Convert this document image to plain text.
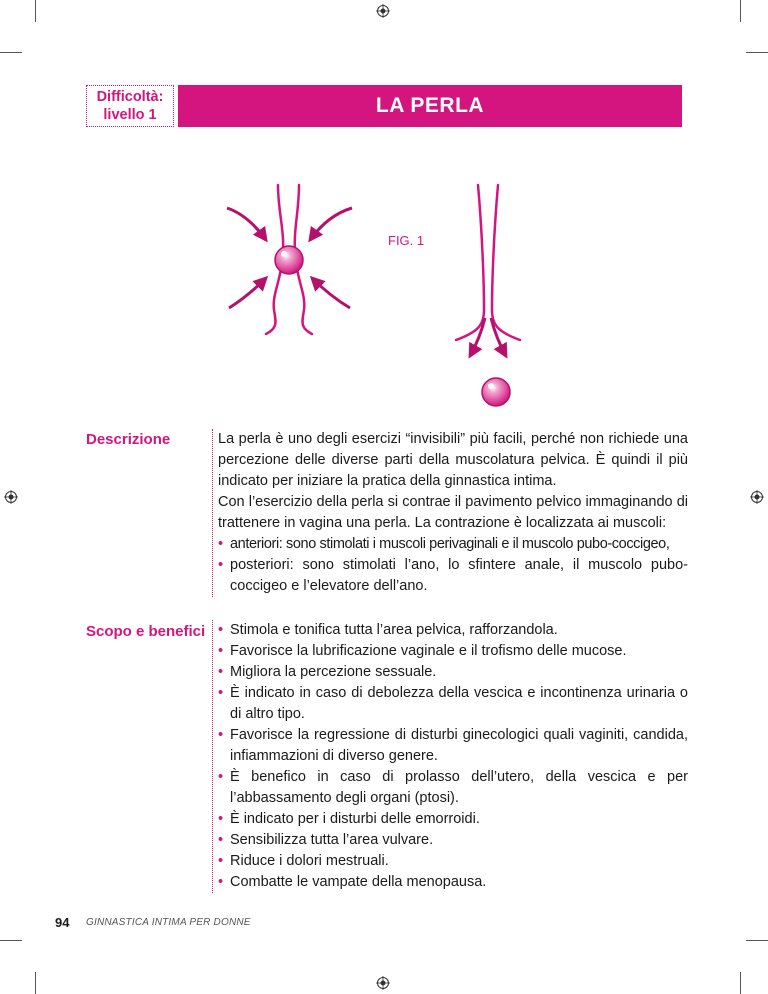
Difficoltà:
livello 1	LA PERLA
FIG. 1
Descrizione	La perla è uno degli esercizi “invisibili” più facili, perché non richiede una percezione delle diverse parti della muscolatura pelvica. È quindi il più indicato per iniziare la pratica della ginnastica intima.

Con l’esercizio della perla si contrae il pavimento pelvico immaginando di trattenere in vagina una perla. La contrazione è localizzata ai muscoli:

• anteriori: sono stimolati i muscoli perivaginali e il muscolo pubo-coccigeo,
• posteriori: sono stimolati l’ano, lo sfintere anale, il muscolo pubo-coccigeo e l’elevatore dell’ano.
Scopo e benefici
•	Stimola e tonifica tutta l’area pelvica, rafforzandola.
• Favorisce la lubrificazione vaginale e il trofismo delle mucose.
• Migliora la percezione sessuale.
• È indicato in caso di debolezza della vescica e incontinenza urinaria o di altro tipo.
• Favorisce la regressione di disturbi ginecologici quali vaginiti, candida, infiammazioni di diverso genere.
• È benefico in caso di prolasso dell’utero, della vescica e per l’abbassamento degli organi (ptosi).
• È indicato per i disturbi delle emorroidi.
• Sensibilizza tutta l’area vulvare.
• Riduce i dolori mestruali.
• Combatte le vampate della menopausa.
94 GINNASTICA INTIMA PER DONNE
